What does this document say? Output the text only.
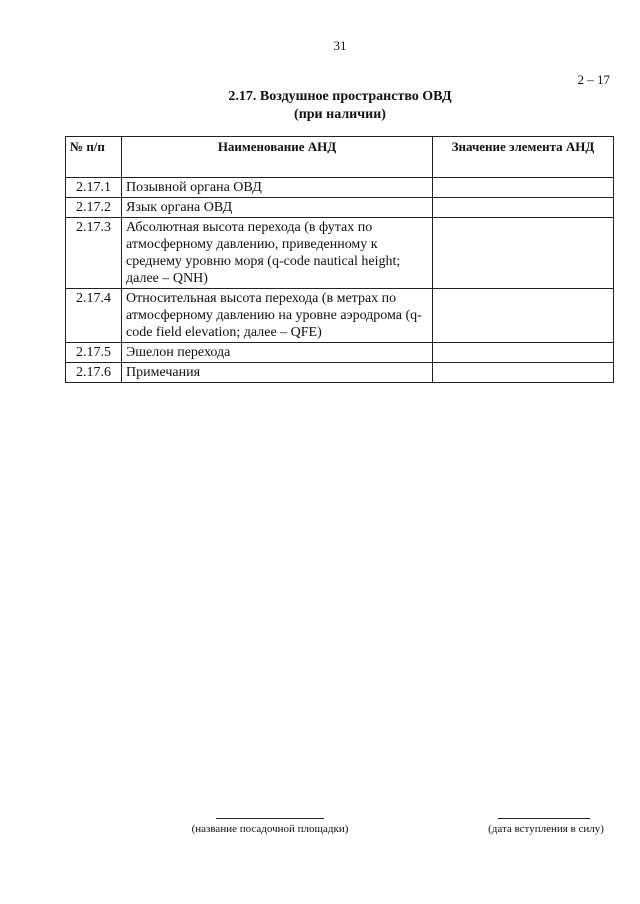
31
2 – 17
2.17. Воздушное пространство ОВД
(при наличии)
№ п/п	Наименование АНД	Значение элемента АНД
2.17.1	Позывной органа ОВД	
2.17.2	Язык органа ОВД	
2.17.3	Абсолютная высота перехода (в футах по атмосферному давлению, приведенному к среднему уровню моря (q-code nautical height; далее – QNH)	
2.17.4	Относительная высота перехода (в метрах по атмосферному давлению на уровне аэродрома (q-code field elevation; далее – QFE)	
2.17.5	Эшелон перехода	
2.17.6	Примечания	
(название посадочной площадки)	(дата вступления в силу)
